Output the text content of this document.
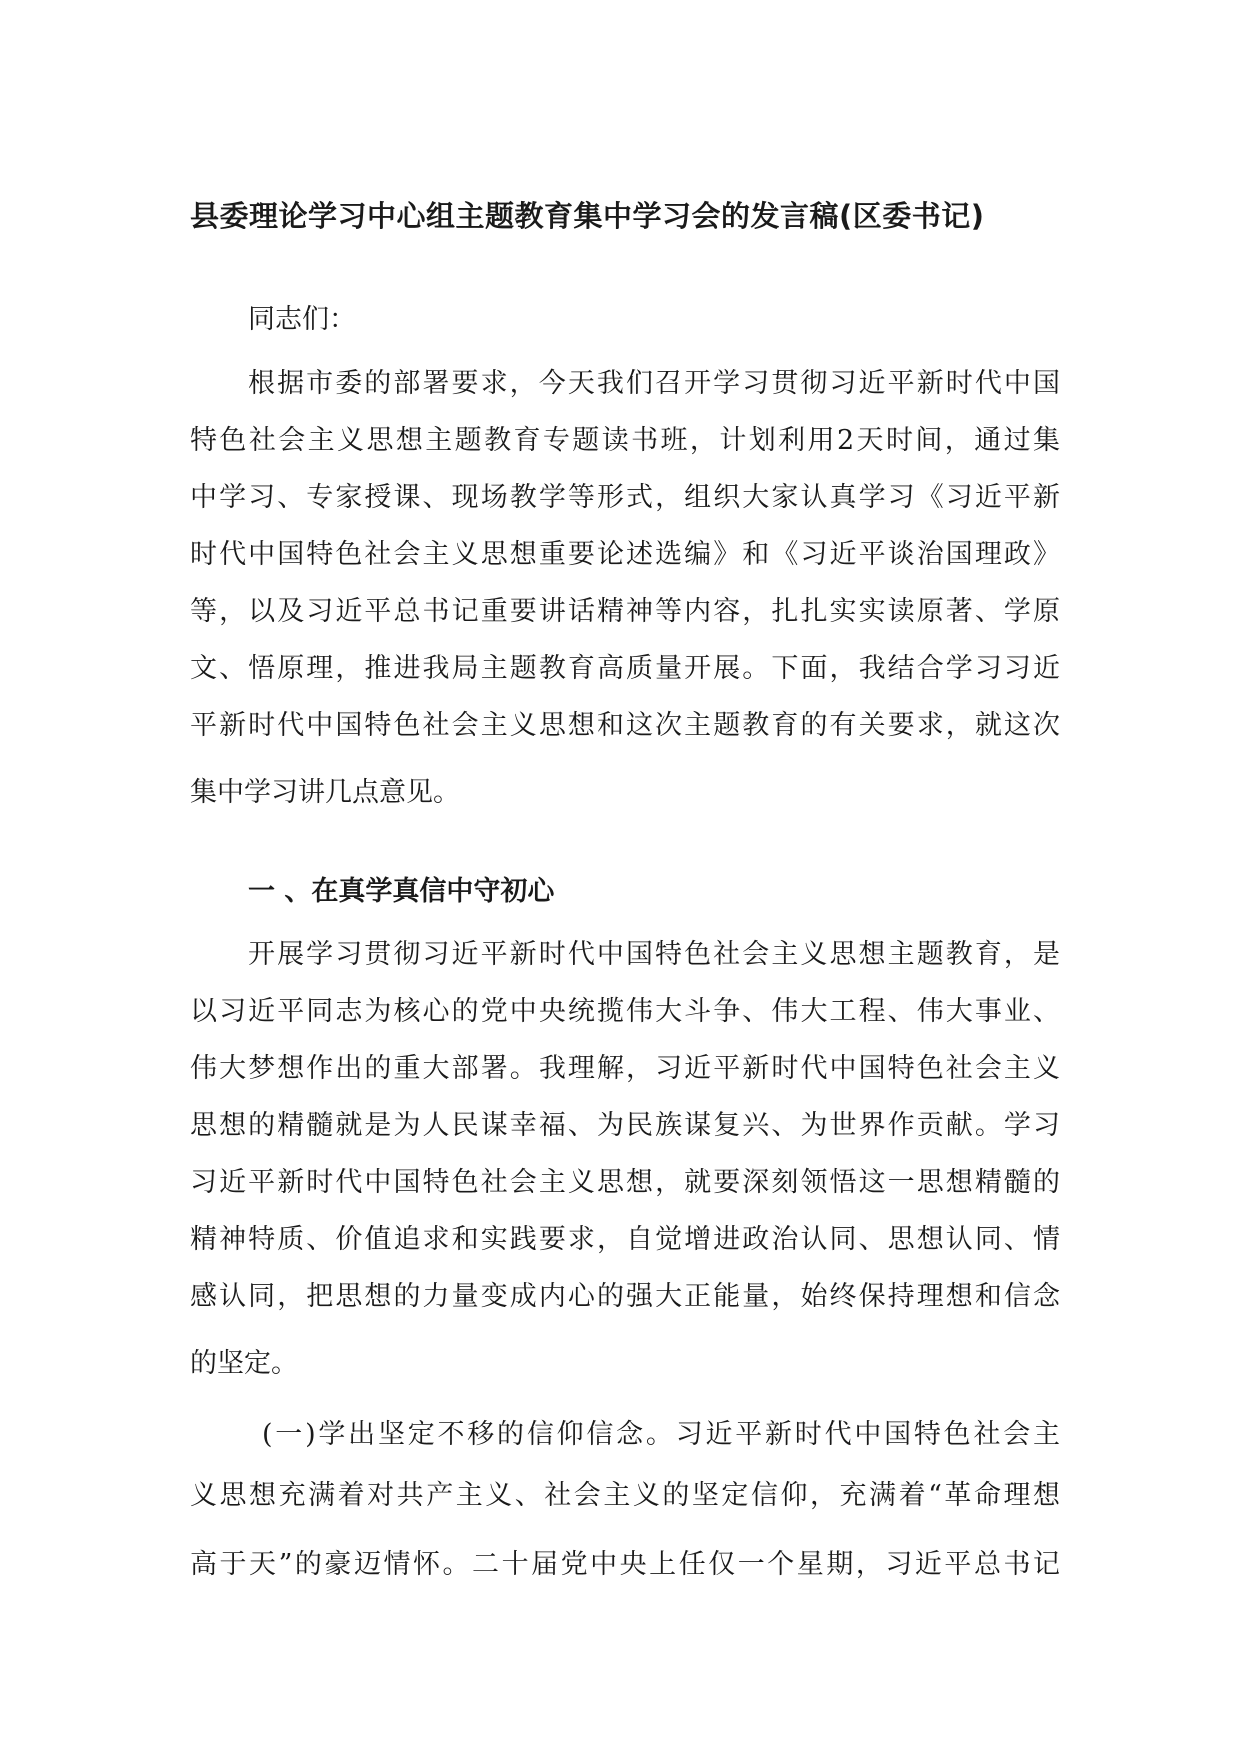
县委理论学习中心组主题教育集中学习会的发言稿(区委书记)
同志们：
根据市委的部署要求，今天我们召开学习贯彻习近平新时代中国
特色社会主义思想主题教育专题读书班，计划利用2天时间，通过集
中学习、专家授课、现场教学等形式，组织大家认真学习《习近平新
时代中国特色社会主义思想重要论述选编》和《习近平谈治国理政》
等，以及习近平总书记重要讲话精神等内容，扎扎实实读原著、学原
文、悟原理，推进我局主题教育高质量开展。下面，我结合学习习近
平新时代中国特色社会主义思想和这次主题教育的有关要求，就这次
集中学习讲几点意见。
一 、在真学真信中守初心
开展学习贯彻习近平新时代中国特色社会主义思想主题教育，是
以习近平同志为核心的党中央统揽伟大斗争、伟大工程、伟大事业、
伟大梦想作出的重大部署。我理解，习近平新时代中国特色社会主义
思想的精髓就是为人民谋幸福、为民族谋复兴、为世界作贡献。学习
习近平新时代中国特色社会主义思想，就要深刻领悟这一思想精髓的
精神特质、价值追求和实践要求，自觉增进政治认同、思想认同、情
感认同，把思想的力量变成内心的强大正能量，始终保持理想和信念
的坚定。
(一)学出坚定不移的信仰信念。习近平新时代中国特色社会主
义思想充满着对共产主义、社会主义的坚定信仰，充满着“革命理想
高于天”的豪迈情怀。二十届党中央上任仅一个星期，习近平总书记
